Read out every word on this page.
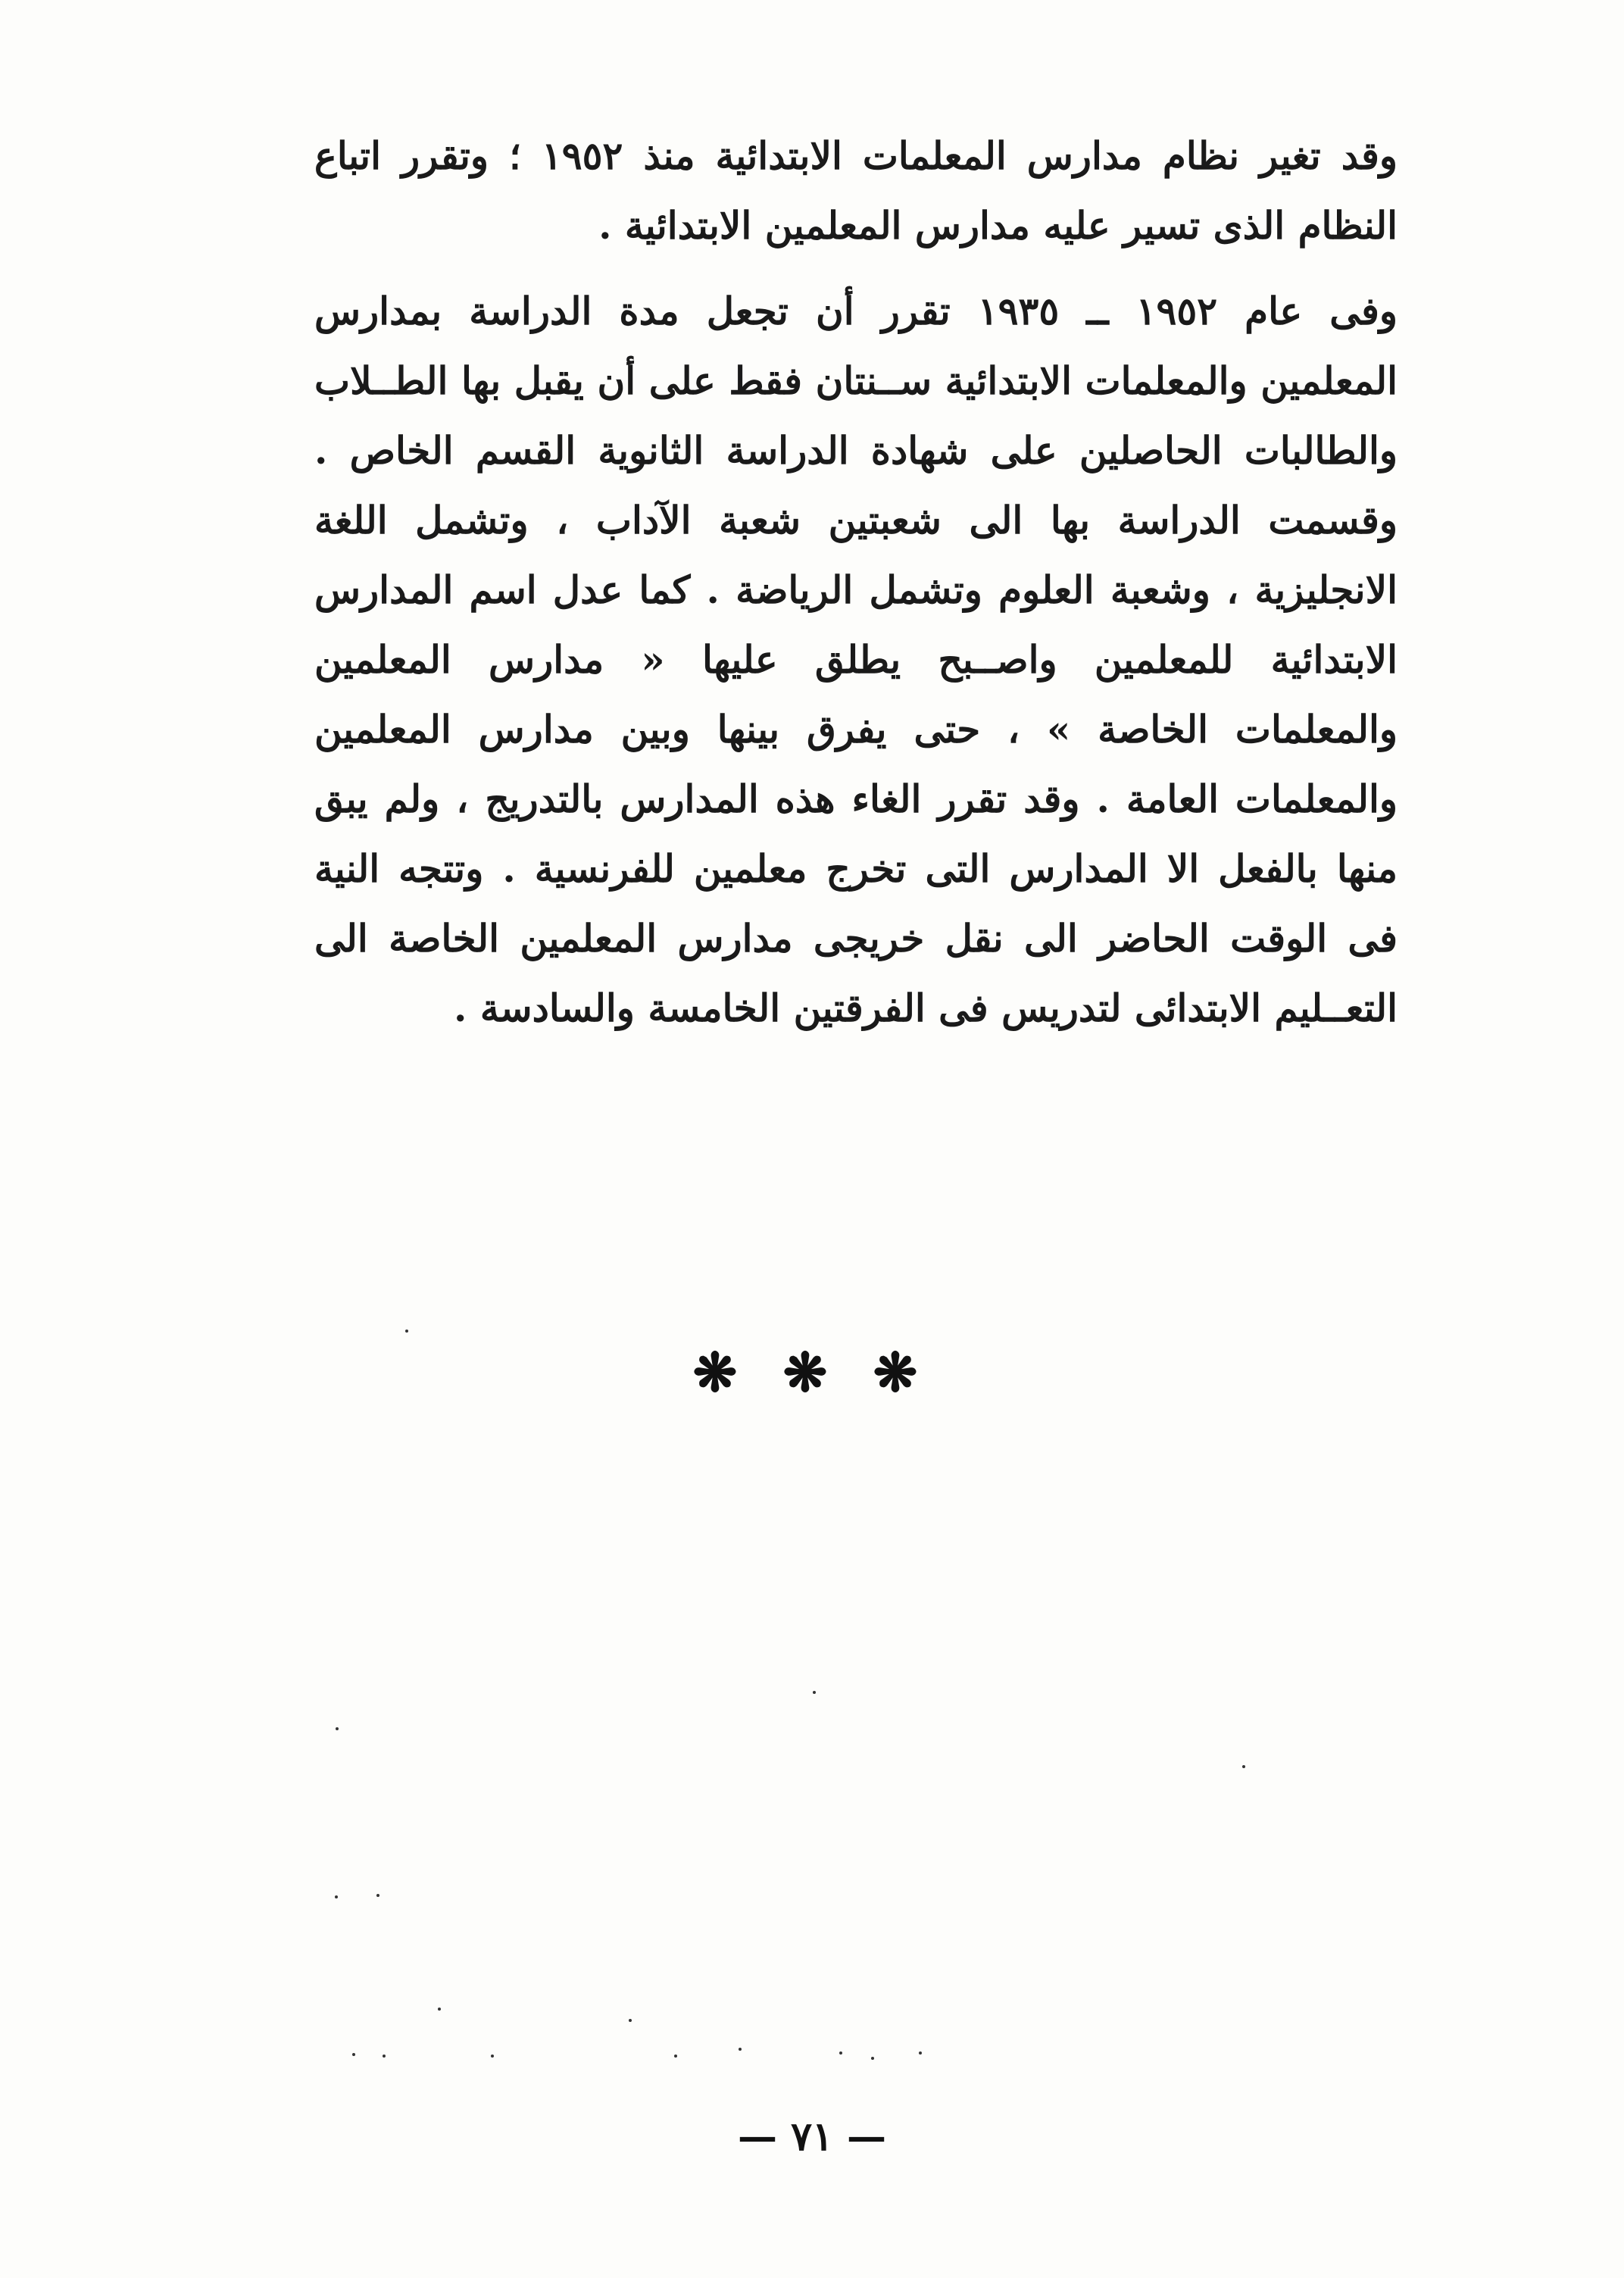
وقد تغير نظام مدارس المعلمات الابتدائية منذ ١٩٥٢ ؛ وتقرر اتباع النظام الذى تسير عليه مدارس المعلمين الابتدائية .

وفى عام ١٩٥٢ ــ ١٩٣٥ تقرر أن تجعل مدة الدراسة بمدارس المعلمين والمعلمات الابتدائية ســنتان فقط على أن يقبل بها الطــلاب والطالبات الحاصلين على شهادة الدراسة الثانوية القسم الخاص . وقسمت الدراسة بها الى شعبتين شعبة الآداب ، وتشمل اللغة الانجليزية ، وشعبة العلوم وتشمل الرياضة . كما عدل اسم المدارس الابتدائية للمعلمين واصــبح يطلق عليها « مدارس المعلمين والمعلمات الخاصة » ، حتى يفرق بينها وبين مدارس المعلمين والمعلمات العامة . وقد تقرر الغاء هذه المدارس بالتدريج ، ولم يبق منها بالفعل الا المدارس التى تخرج معلمين للفرنسية . وتتجه النية فى الوقت الحاضر الى نقل خريجى مدارس المعلمين الخاصة الى التعــليم الابتدائى لتدريس فى الفرقتين الخامسة والسادسة .

❋ ❋ ❋
— ٧١ —
